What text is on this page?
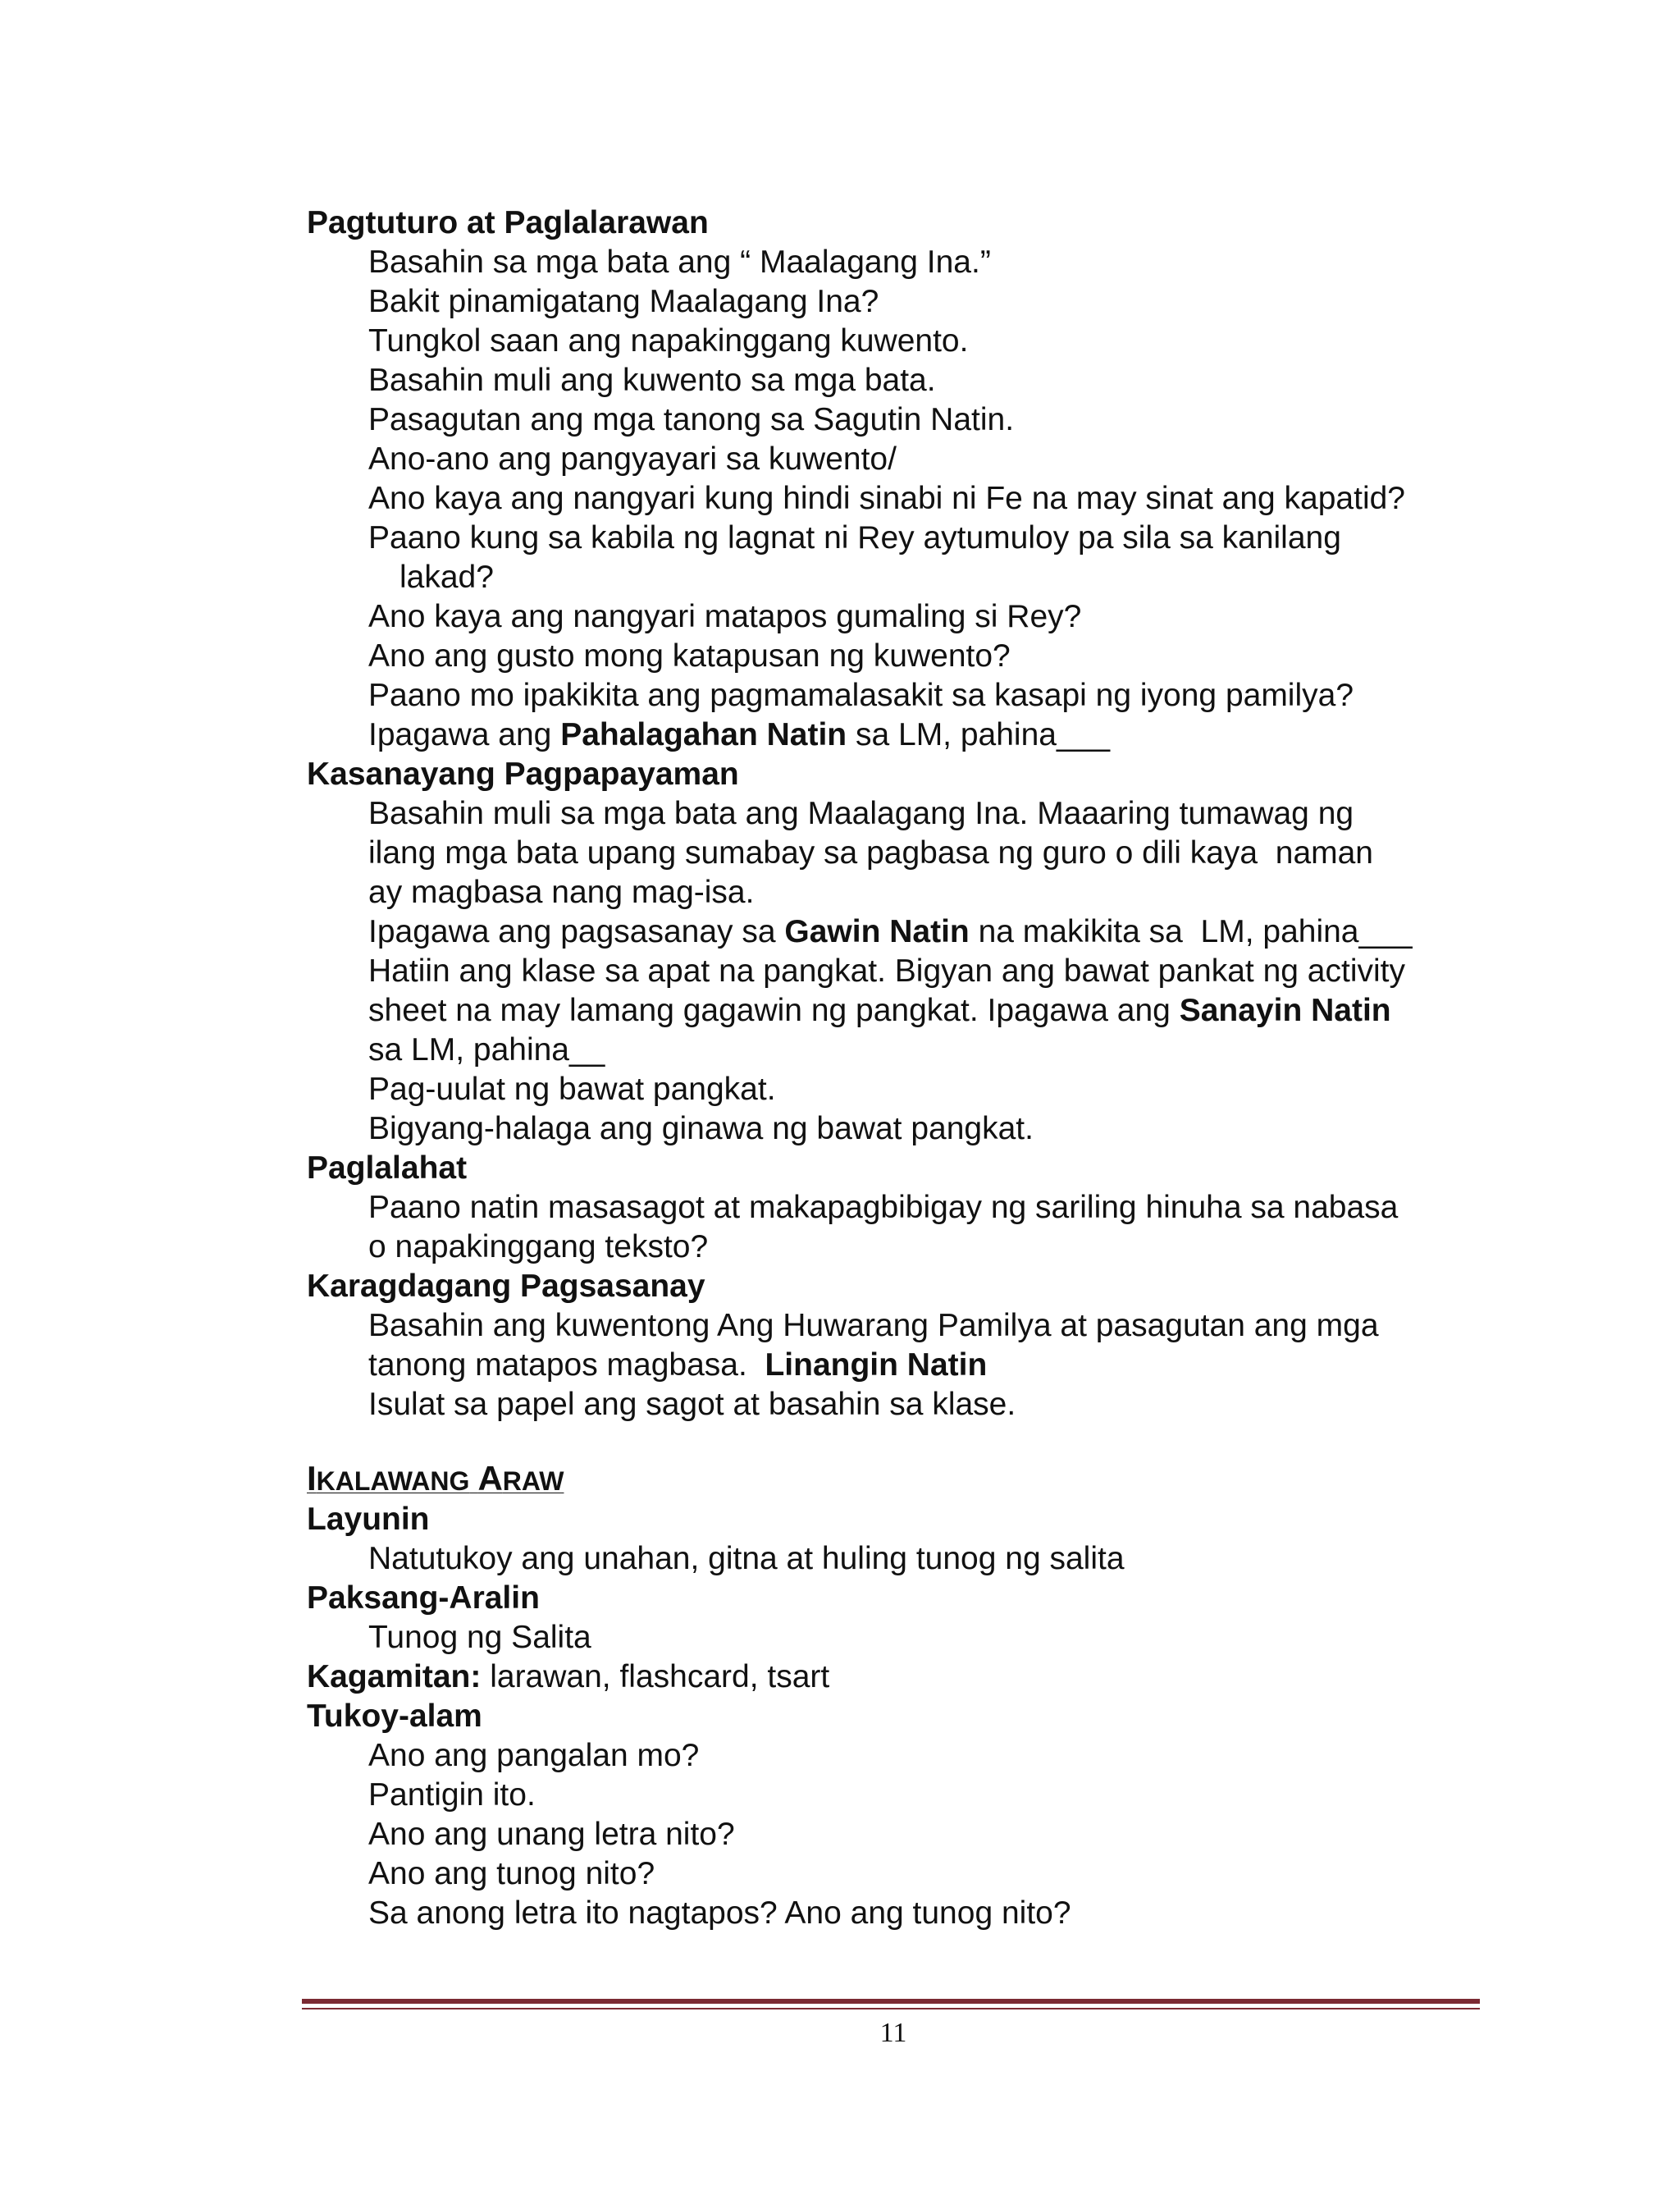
Pagtuturo at Paglalarawan
Basahin sa mga bata ang “ Maalagang Ina.”
Bakit pinamigatang Maalagang Ina?
Tungkol saan ang napakinggang kuwento.
Basahin muli ang kuwento sa mga bata.
Pasagutan ang mga tanong sa Sagutin Natin.
Ano-ano ang pangyayari sa kuwento/
Ano kaya ang nangyari kung hindi sinabi ni Fe na may sinat ang kapatid?
Paano kung sa kabila ng lagnat ni Rey aytumuloy pa sila sa kanilang
lakad?
Ano kaya ang nangyari matapos gumaling si Rey?
Ano ang gusto mong katapusan ng kuwento?
Paano mo ipakikita ang pagmamalasakit sa kasapi ng iyong pamilya?
Ipagawa ang Pahalagahan Natin sa LM, pahina___
Kasanayang Pagpapayaman
Basahin muli sa mga bata ang Maalagang Ina. Maaaring tumawag ng
ilang mga bata upang sumabay sa pagbasa ng guro o dili kaya  naman
ay magbasa nang mag-isa.
Ipagawa ang pagsasanay sa Gawin Natin na makikita sa  LM, pahina___
Hatiin ang klase sa apat na pangkat. Bigyan ang bawat pankat ng activity
sheet na may lamang gagawin ng pangkat. Ipagawa ang Sanayin Natin
sa LM, pahina__
Pag-uulat ng bawat pangkat.
Bigyang-halaga ang ginawa ng bawat pangkat.
Paglalahat
Paano natin masasagot at makapagbibigay ng sariling hinuha sa nabasa
o napakinggang teksto?
Karagdagang Pagsasanay
Basahin ang kuwentong Ang Huwarang Pamilya at pasagutan ang mga
tanong matapos magbasa.  Linangin Natin
Isulat sa papel ang sagot at basahin sa klase.
IKALAWANG ARAW
Layunin
Natutukoy ang unahan, gitna at huling tunog ng salita
Paksang-Aralin
Tunog ng Salita
Kagamitan: larawan, flashcard, tsart
Tukoy-alam
Ano ang pangalan mo?
Pantigin ito.
Ano ang unang letra nito?
Ano ang tunog nito?
Sa anong letra ito nagtapos? Ano ang tunog nito?
11
